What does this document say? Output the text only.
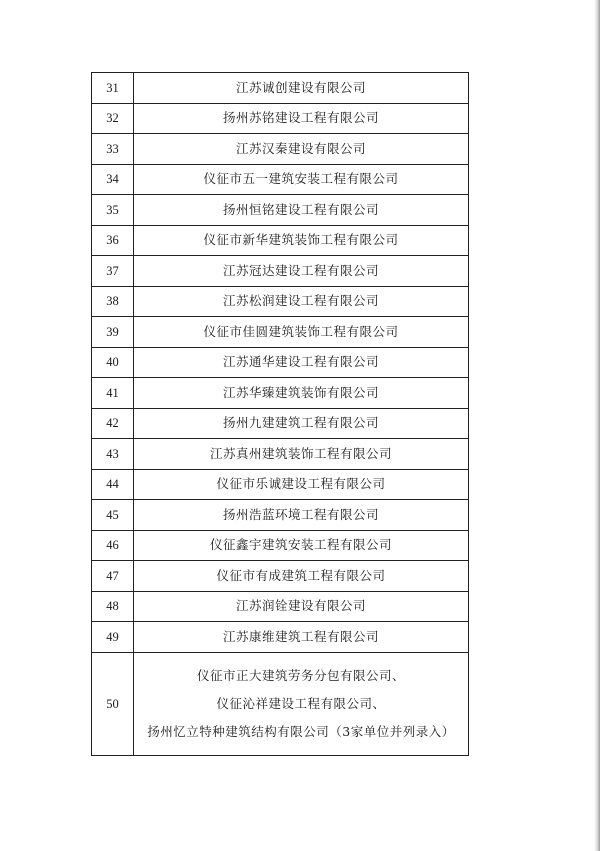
31	江苏诚创建设有限公司
32	扬州苏铭建设工程有限公司
33	江苏汉秦建设有限公司
34	仪征市五一建筑安装工程有限公司
35	扬州恒铭建设工程有限公司
36	仪征市新华建筑装饰工程有限公司
37	江苏冠达建设工程有限公司
38	江苏松润建设工程有限公司
39	仪征市佳圆建筑装饰工程有限公司
40	江苏通华建设工程有限公司
41	江苏华臻建筑装饰有限公司
42	扬州九建建筑工程有限公司
43	江苏真州建筑装饰工程有限公司
44	仪征市乐诚建设工程有限公司
45	扬州浩蓝环境工程有限公司
46	仪征鑫宇建筑安装工程有限公司
47	仪征市有成建筑工程有限公司
48	江苏润铨建设有限公司
49	江苏康维建筑工程有限公司
50	仪征市正大建筑劳务分包有限公司、
仪征沁祥建设工程有限公司、
扬州忆立特种建筑结构有限公司（3家单位并列录入）
